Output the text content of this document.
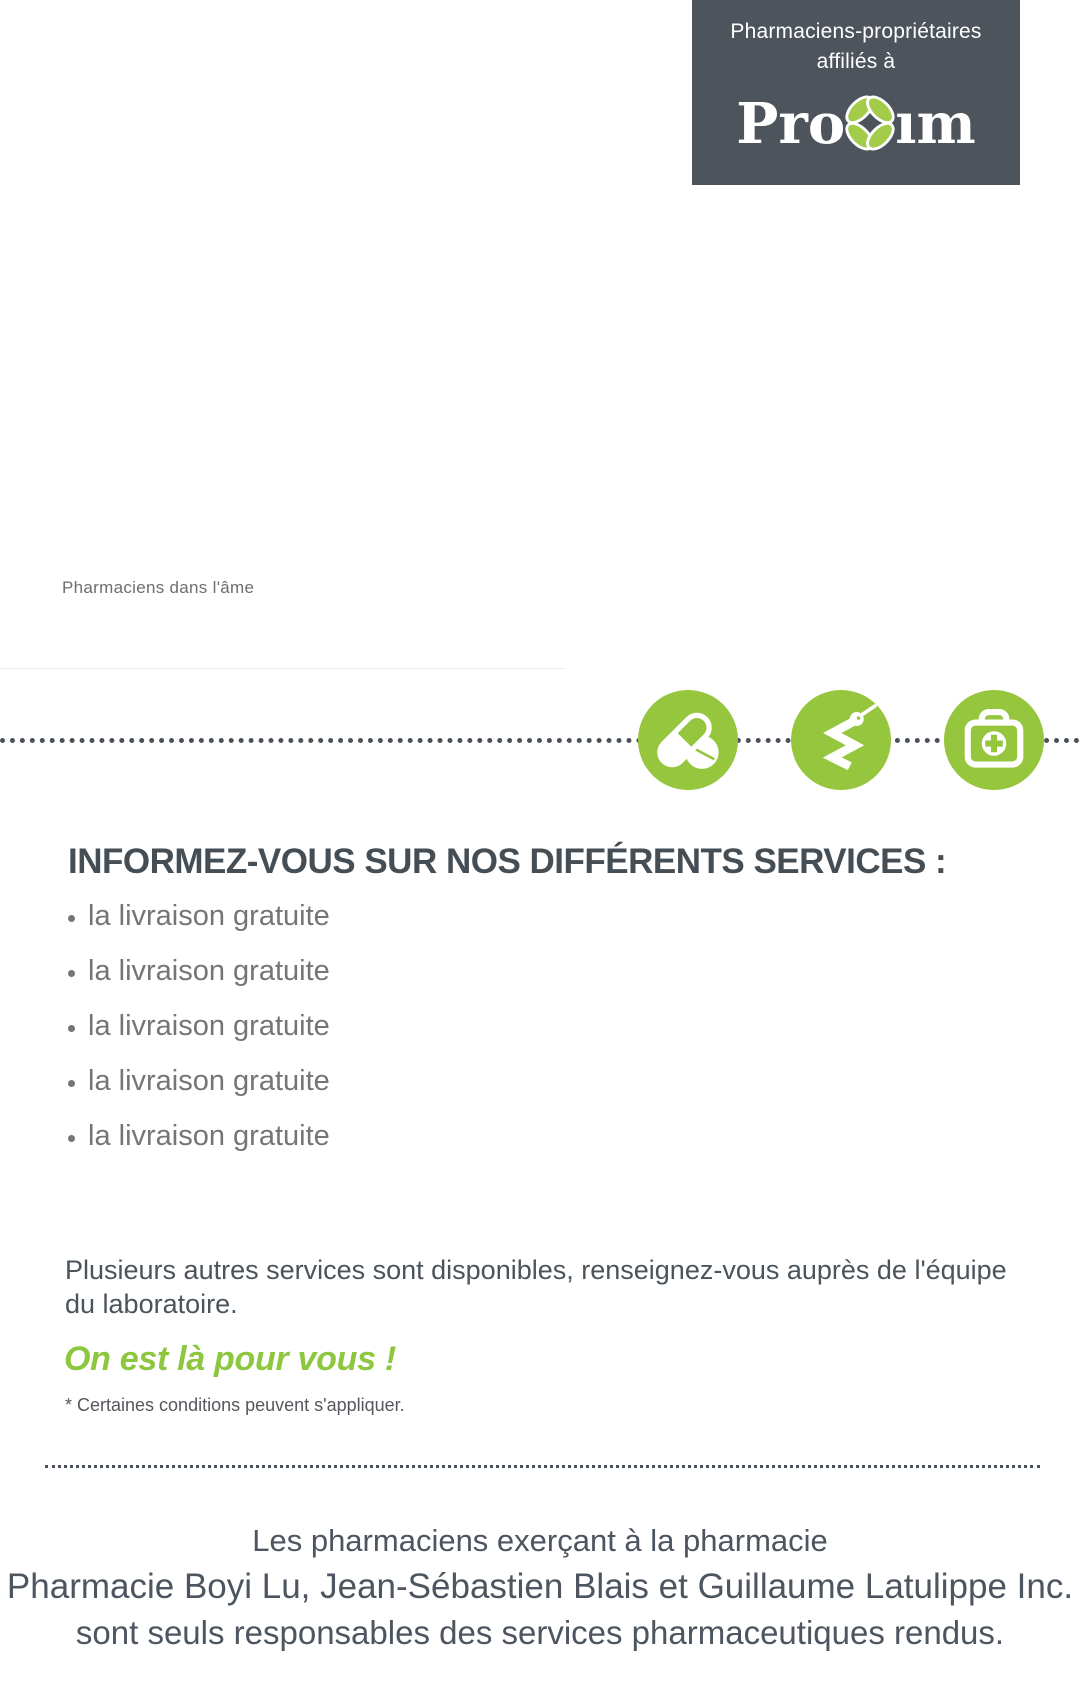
Pharmaciens-propriétaires
affiliés à
Pro ım
Pharmaciens dans l'âme
INFORMEZ-VOUS SUR NOS DIFFÉRENTS SERVICES :
• la livraison gratuite
• la livraison gratuite
• la livraison gratuite
• la livraison gratuite
• la livraison gratuite
Plusieurs autres services sont disponibles, renseignez-vous auprès de l'équipe du laboratoire.
On est là pour vous !
* Certaines conditions peuvent s'appliquer.
Les pharmaciens exerçant à la pharmacie
Pharmacie Boyi Lu, Jean-Sébastien Blais et Guillaume Latulippe Inc.
sont seuls responsables des services pharmaceutiques rendus.
